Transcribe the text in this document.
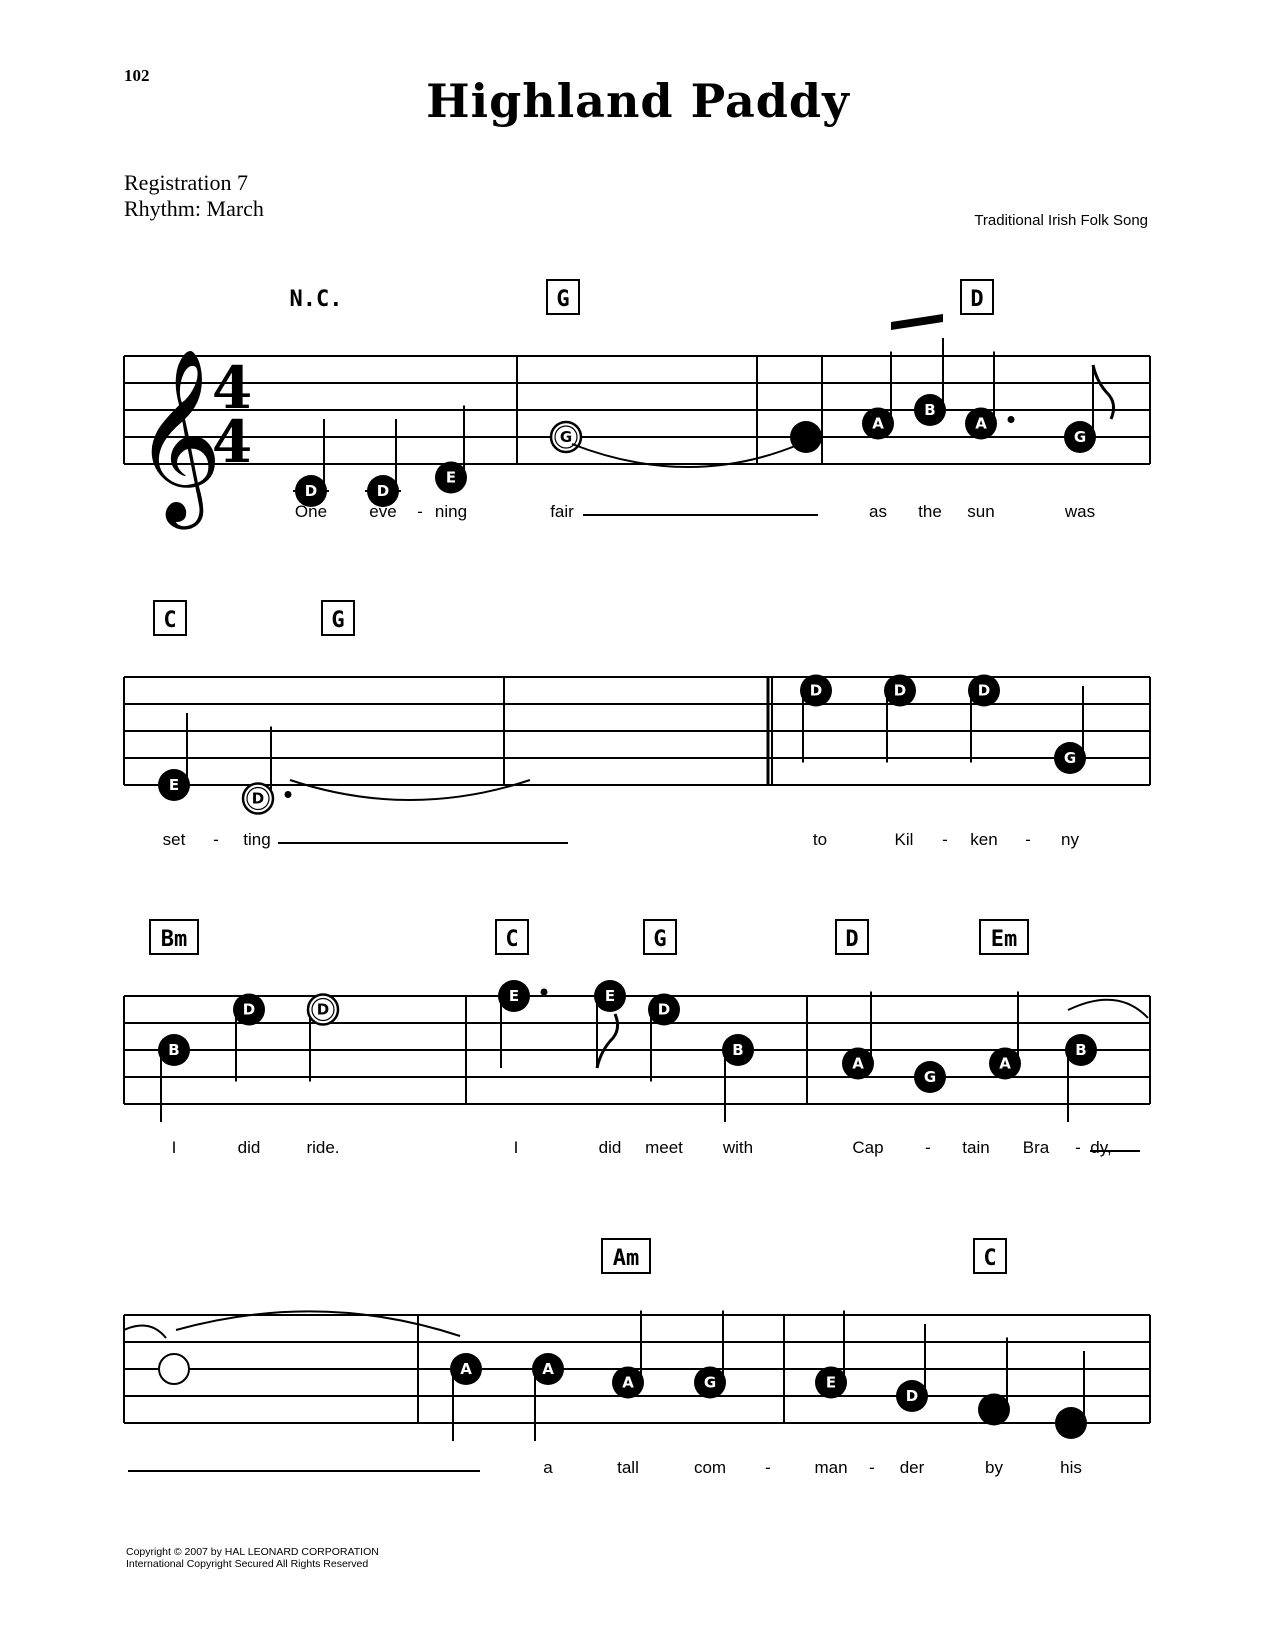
102	Highland Paddy
Registration 7
Rhythm: March	Traditional Irish Folk Song
Copyright © 2007 by HAL LEONARD CORPORATION
International Copyright Secured All Rights Reserved
𝄞
4
4
N.C.	G	D
D	D
E
G
A
B
A
G
One eve - ning	fair	as the sun	was
C	G
E
D
D	D	D
G
set - ting	to	Kil - ken - ny
Bm	C	G	D	Em
B
D	D
E	E
D
B
A
G
A
B
I	did	ride.	I	did meet with	Cap - tain Bra - dy,
Am	C
A	A
A	G	E
D
a	tall	com -	man - der	by	his
